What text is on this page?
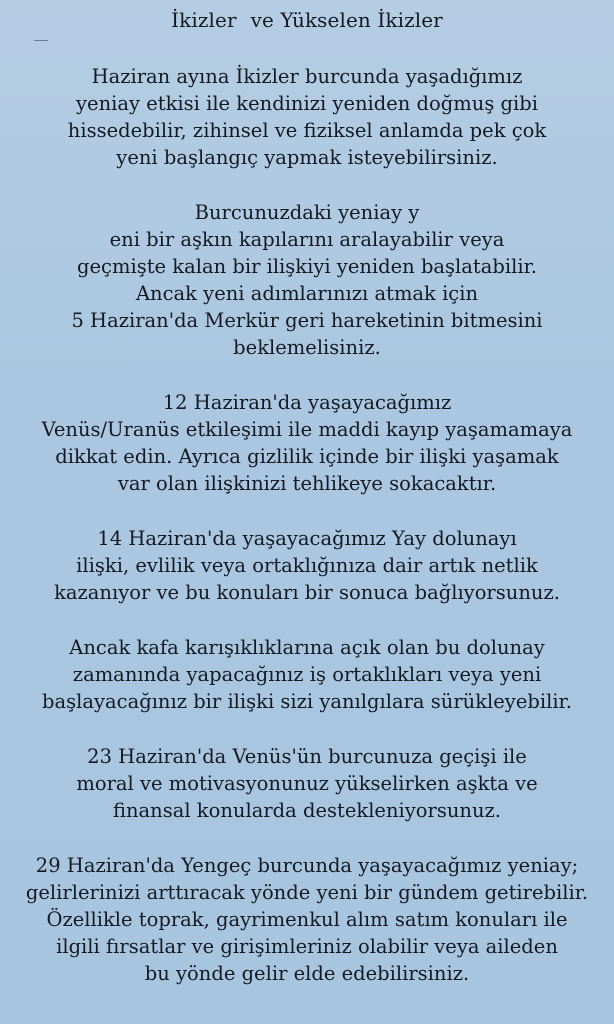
İkizler ve Yükselen İkizler

Haziran ayına İkizler burcunda yaşadığımız
yeniay etkisi ile kendinizi yeniden doğmuş gibi
hissedebilir, zihinsel ve fiziksel anlamda pek çok
yeni başlangıç yapmak isteyebilirsiniz.

Burcunuzdaki yeniay y
eni bir aşkın kapılarını aralayabilir veya
geçmişte kalan bir ilişkiyi yeniden başlatabilir.
Ancak yeni adımlarınızı atmak için
5 Haziran'da Merkür geri hareketinin bitmesini
beklemelisiniz.

12 Haziran'da yaşayacağımız
Venüs/Uranüs etkileşimi ile maddi kayıp yaşamamaya
dikkat edin. Ayrıca gizlilik içinde bir ilişki yaşamak
var olan ilişkinizi tehlikeye sokacaktır.

14 Haziran'da yaşayacağımız Yay dolunayı
ilişki, evlilik veya ortaklığınıza dair artık netlik
kazanıyor ve bu konuları bir sonuca bağlıyorsunuz.

Ancak kafa karışıklıklarına açık olan bu dolunay
zamanında yapacağınız iş ortaklıkları veya yeni
başlayacağınız bir ilişki sizi yanılgılara sürükleyebilir.

23 Haziran'da Venüs'ün burcunuza geçişi ile
moral ve motivasyonunuz yükselirken aşkta ve
finansal konularda destekleniyorsunuz.

29 Haziran'da Yengeç burcunda yaşayacağımız yeniay;
gelirlerinizi arttıracak yönde yeni bir gündem getirebilir.
Özellikle toprak, gayrimenkul alım satım konuları ile
ilgili fırsatlar ve girişimleriniz olabilir veya aileden
bu yönde gelir elde edebilirsiniz.
